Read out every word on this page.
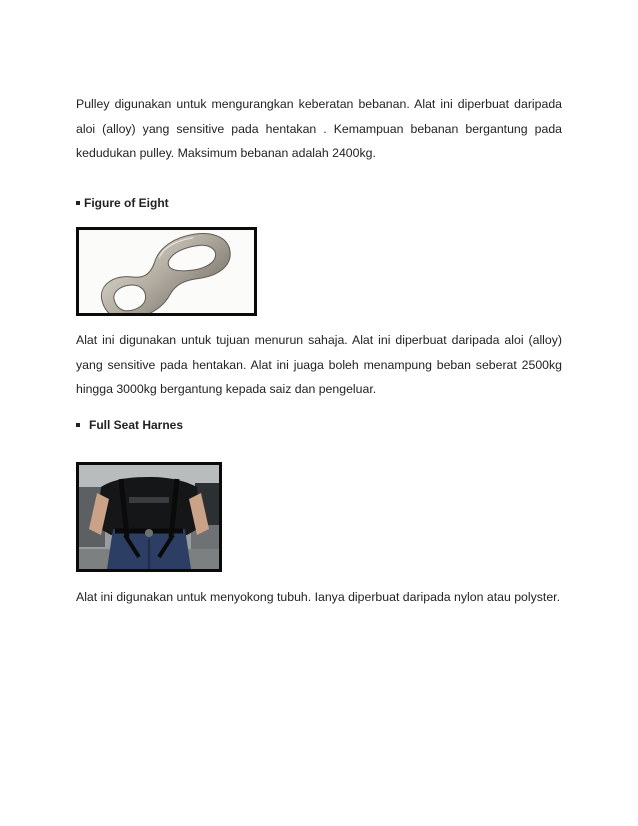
Pulley digunakan untuk mengurangkan keberatan bebanan. Alat ini diperbuat daripada aloi (alloy) yang sensitive pada hentakan . Kemampuan bebanan bergantung pada kedudukan pulley. Maksimum bebanan adalah 2400kg.

Figure of Eight

Alat ini digunakan untuk tujuan menurun sahaja. Alat ini diperbuat daripada aloi (alloy) yang sensitive pada hentakan. Alat ini juaga boleh menampung beban seberat 2500kg hingga 3000kg bergantung kepada saiz dan pengeluar.

Full Seat Harnes

Alat ini digunakan untuk menyokong tubuh. Ianya diperbuat daripada nylon atau polyster.
